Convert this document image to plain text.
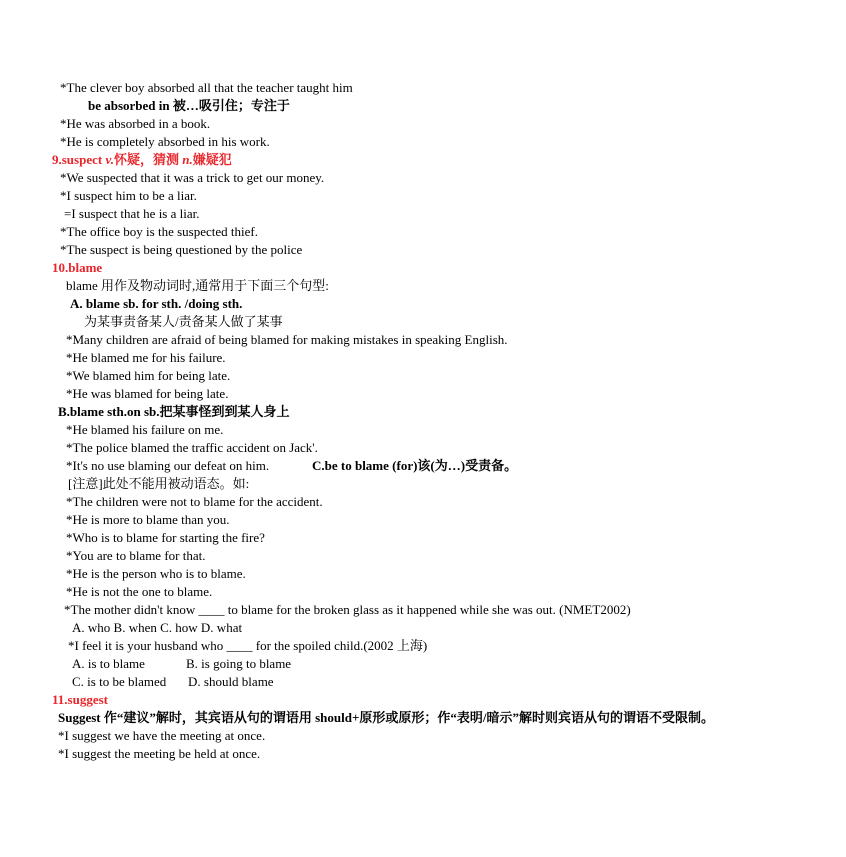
*The clever boy absorbed all that the teacher taught him
be absorbed in 被…吸引住；专注于
*He was absorbed in a book.
*He is completely absorbed in his work.
9.suspect v.怀疑，猜测 n.嫌疑犯
*We suspected that it was a trick to get our money.
*I suspect him to be a liar.
=I suspect that he is a liar.
*The office boy is the suspected thief.
*The suspect is being questioned by the police
10.blame
blame 用作及物动词时,通常用于下面三个句型:
A. blame sb. for sth. /doing sth.
为某事责备某人/责备某人做了某事
*Many children are afraid of being blamed for making mistakes in speaking English.
*He blamed me for his failure.
*We blamed him for being late.
*He was blamed for being late.
B.blame sth.on sb.把某事怪到到某人身上
*He blamed his failure on me.
*The police blamed the traffic accident on Jack'.
*It's no use blaming our defeat on him.	C.be to blame (for)该(为…)受责备。
[注意]此处不能用被动语态。如:
*The children were not to blame for the accident.
*He is more to blame than you.
*Who is to blame for starting the fire?
*You are to blame for that.
*He is the person who is to blame.
*He is not the one to blame.
*The mother didn't know ____ to blame for the broken glass as it happened while she was out. (NMET2002)
A. who B. when C. how D. what
*I feel it is your husband who ____ for the spoiled child.(2002 上海)
A. is to blame	B. is going to blame
C. is to be blamed D. should blame
11.suggest
Suggest 作“建议”解时，其宾语从句的谓语用 should+原形或原形；作“表明/暗示”解时则宾语从句的谓语不受限制。
*I suggest we have the meeting at once.
*I suggest the meeting be held at once.
